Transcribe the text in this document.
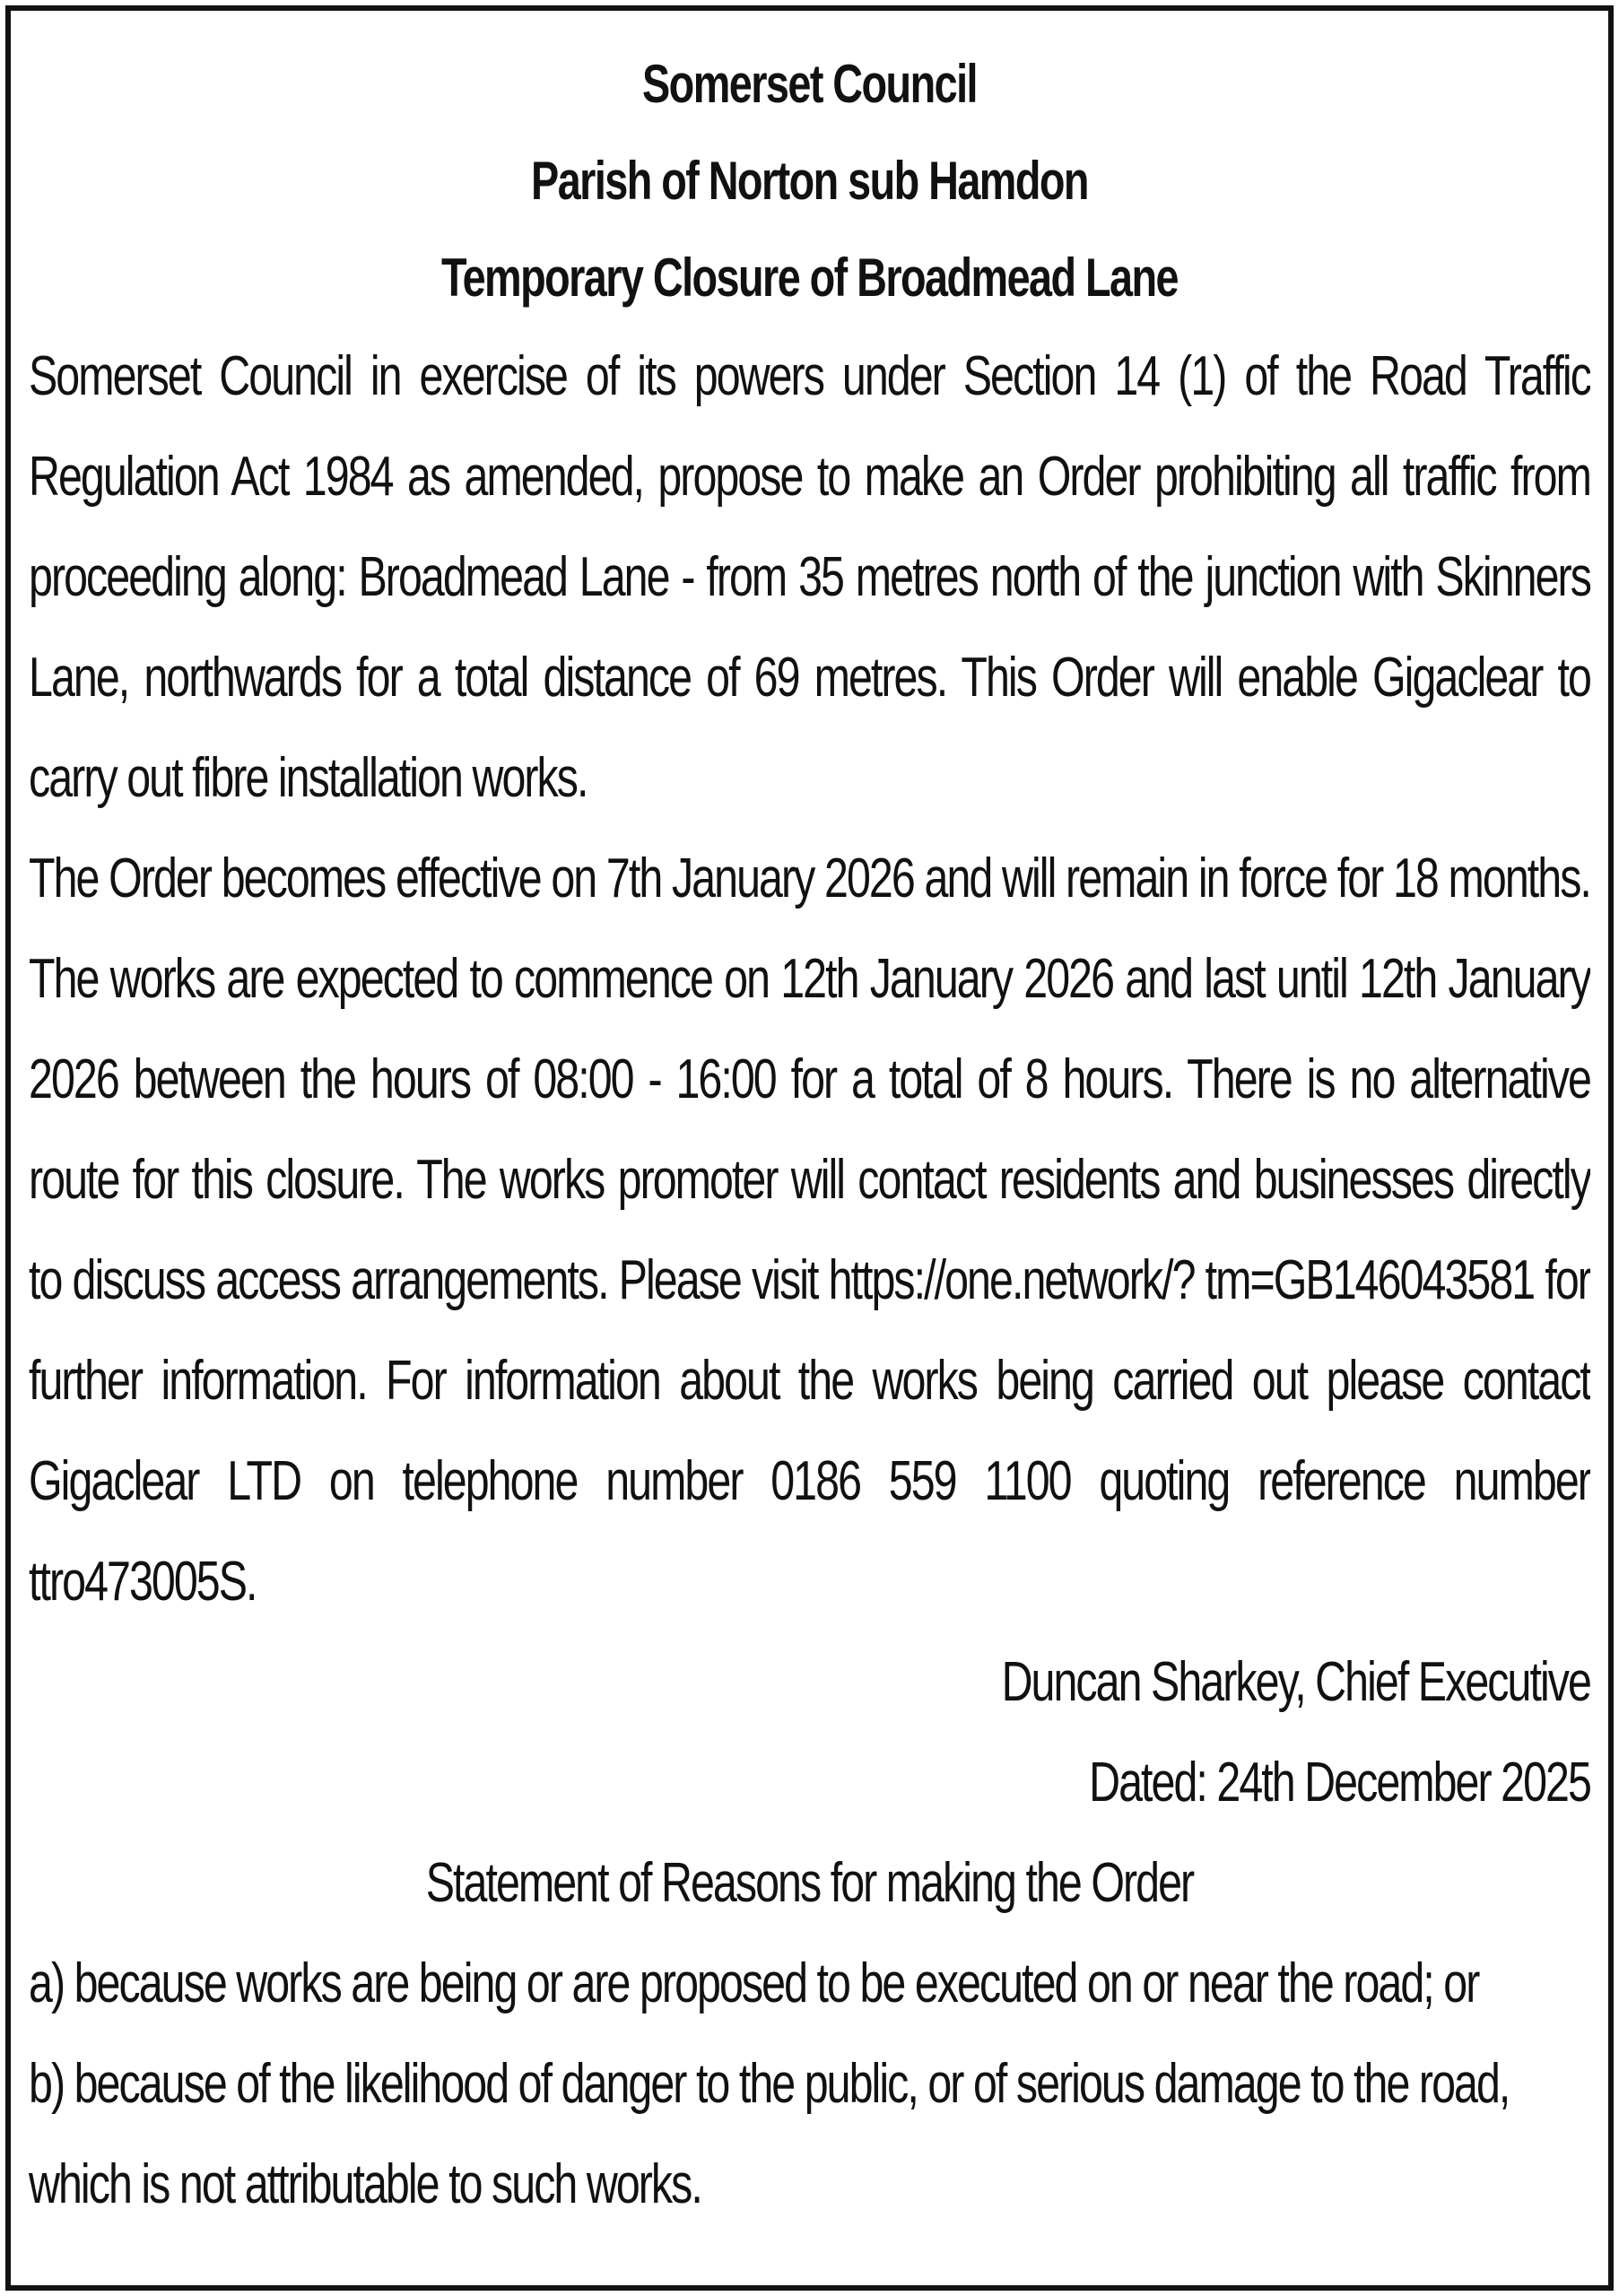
Somerset Council

Parish of Norton sub Hamdon

Temporary Closure of Broadmead Lane

Somerset Council in exercise of its powers under Section 14 (1) of the Road Traffic Regulation Act 1984 as amended, propose to make an Order prohibiting all traffic from proceeding along: Broadmead Lane - from 35 metres north of the junction with Skinners Lane, northwards for a total distance of 69 metres. This Order will enable Gigaclear to carry out fibre installation works.

The Order becomes effective on 7th January 2026 and will remain in force for 18 months. The works are expected to commence on 12th January 2026 and last until 12th January 2026 between the hours of 08:00 - 16:00 for a total of 8 hours. There is no alternative route for this closure. The works promoter will contact residents and businesses directly to discuss access arrangements. Please visit https://one.network/? tm=GB146043581 for further information. For information about the works being carried out please contact Gigaclear LTD on telephone number 0186 559 1100 quoting reference number ttro473005S.

Duncan Sharkey, Chief Executive

Dated: 24th December 2025

Statement of Reasons for making the Order

a) because works are being or are proposed to be executed on or near the road; or

b) because of the likelihood of danger to the public, or of serious damage to the road, which is not attributable to such works.
